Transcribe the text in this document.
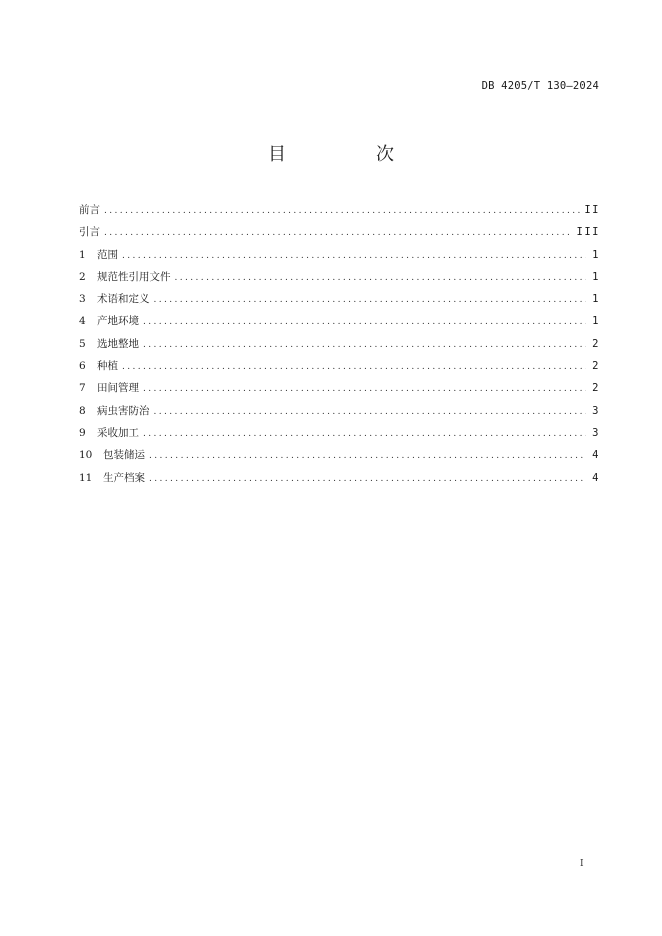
DB 4205/T 130—2024
目　次
前言 .....	II
引言 .....	III
1	范围 .....	1
2	规范性引用文件 .....	1
3	术语和定义 .....	1
4	产地环境 .....	1
5	选地整地 .....	2
6	种植 .....	2
7	田间管理 .....	2
8	病虫害防治 .....	3
9	采收加工 .....	3
10	包装储运 .....	4
11	生产档案 .....	4
I
